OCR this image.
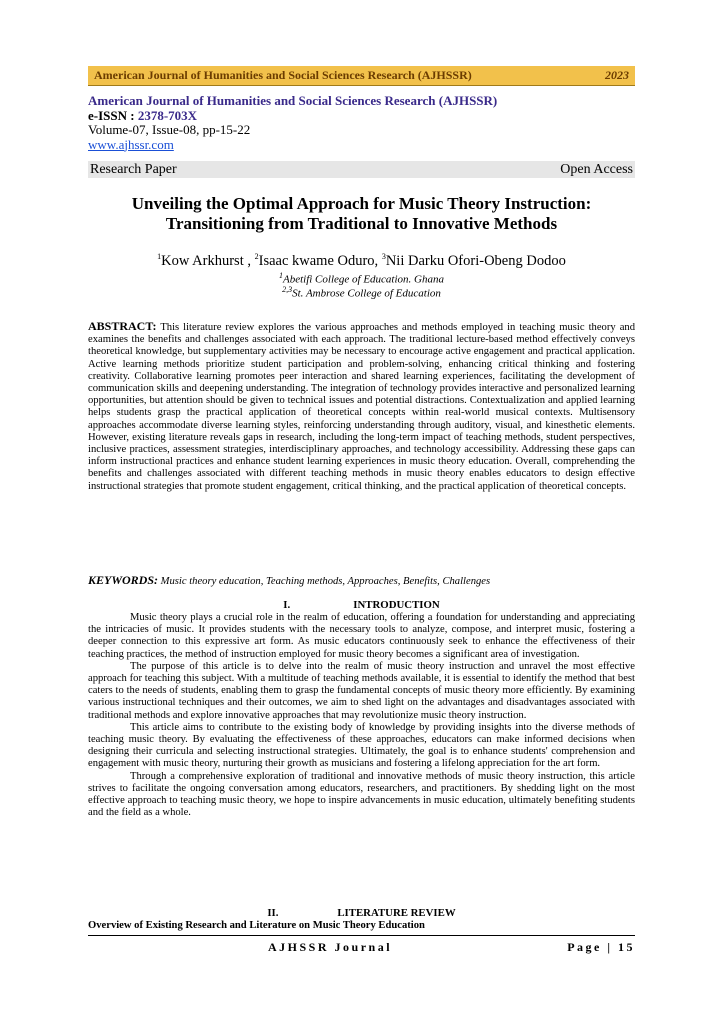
American Journal of Humanities and Social Sciences Research (AJHSSR)	2023
American Journal of Humanities and Social Sciences Research (AJHSSR)
e-ISSN : 2378-703X
Volume-07, Issue-08, pp-15-22
www.ajhssr.com
Research Paper	Open Access
Unveiling the Optimal Approach for Music Theory Instruction:
Transitioning from Traditional to Innovative Methods
$^1$Kow Arkhurst , $^2$Isaac kwame Oduro, $^3$Nii Darku Ofori-Obeng Dodoo
$^1$Abetifi College of Education. Ghana
$^{2,3}$St. Ambrose College of Education
ABSTRACT: This literature review explores the various approaches and methods employed in teaching music theory and examines the benefits and challenges associated with each approach. The traditional lecture-based method effectively conveys theoretical knowledge, but supplementary activities may be necessary to encourage active engagement and practical application. Active learning methods prioritize student participation and problem-solving, enhancing critical thinking and fostering creativity. Collaborative learning promotes peer interaction and shared learning experiences, facilitating the development of communication skills and deepening understanding. The integration of technology provides interactive and personalized learning opportunities, but attention should be given to technical issues and potential distractions. Contextualization and applied learning helps students grasp the practical application of theoretical concepts within real-world musical contexts. Multisensory approaches accommodate diverse learning styles, reinforcing understanding through auditory, visual, and kinesthetic elements. However, existing literature reveals gaps in research, including the long-term impact of teaching methods, student perspectives, inclusive practices, assessment strategies, interdisciplinary approaches, and technology accessibility. Addressing these gaps can inform instructional practices and enhance student learning experiences in music theory education. Overall, comprehending the benefits and challenges associated with different teaching methods in music theory enables educators to design effective instructional strategies that promote student engagement, critical thinking, and the practical application of theoretical concepts.
KEYWORDS: Music theory education, Teaching methods, Approaches, Benefits, Challenges
I.	INTRODUCTION

Music theory plays a crucial role in the realm of education, offering a foundation for understanding and appreciating the intricacies of music. It provides students with the necessary tools to analyze, compose, and interpret music, fostering a deeper connection to this expressive art form. As music educators continuously seek to enhance the effectiveness of their teaching practices, the method of instruction employed for music theory becomes a significant area of investigation.

The purpose of this article is to delve into the realm of music theory instruction and unravel the most effective approach for teaching this subject. With a multitude of teaching methods available, it is essential to identify the method that best caters to the needs of students, enabling them to grasp the fundamental concepts of music theory more efficiently. By examining various instructional techniques and their outcomes, we aim to shed light on the advantages and disadvantages associated with traditional methods and explore innovative approaches that may revolutionize music theory instruction.

This article aims to contribute to the existing body of knowledge by providing insights into the diverse methods of teaching music theory. By evaluating the effectiveness of these approaches, educators can make informed decisions when designing their curricula and selecting instructional strategies. Ultimately, the goal is to enhance students' comprehension and engagement with music theory, nurturing their growth as musicians and fostering a lifelong appreciation for the art form.

Through a comprehensive exploration of traditional and innovative methods of music theory instruction, this article strives to facilitate the ongoing conversation among educators, researchers, and practitioners. By shedding light on the most effective approach to teaching music theory, we hope to inspire advancements in music education, ultimately benefiting students and the field as a whole.

II.	LITERATURE REVIEW
Overview of Existing Research and Literature on Music Theory Education
AJHSSR Journal	Page | 15
